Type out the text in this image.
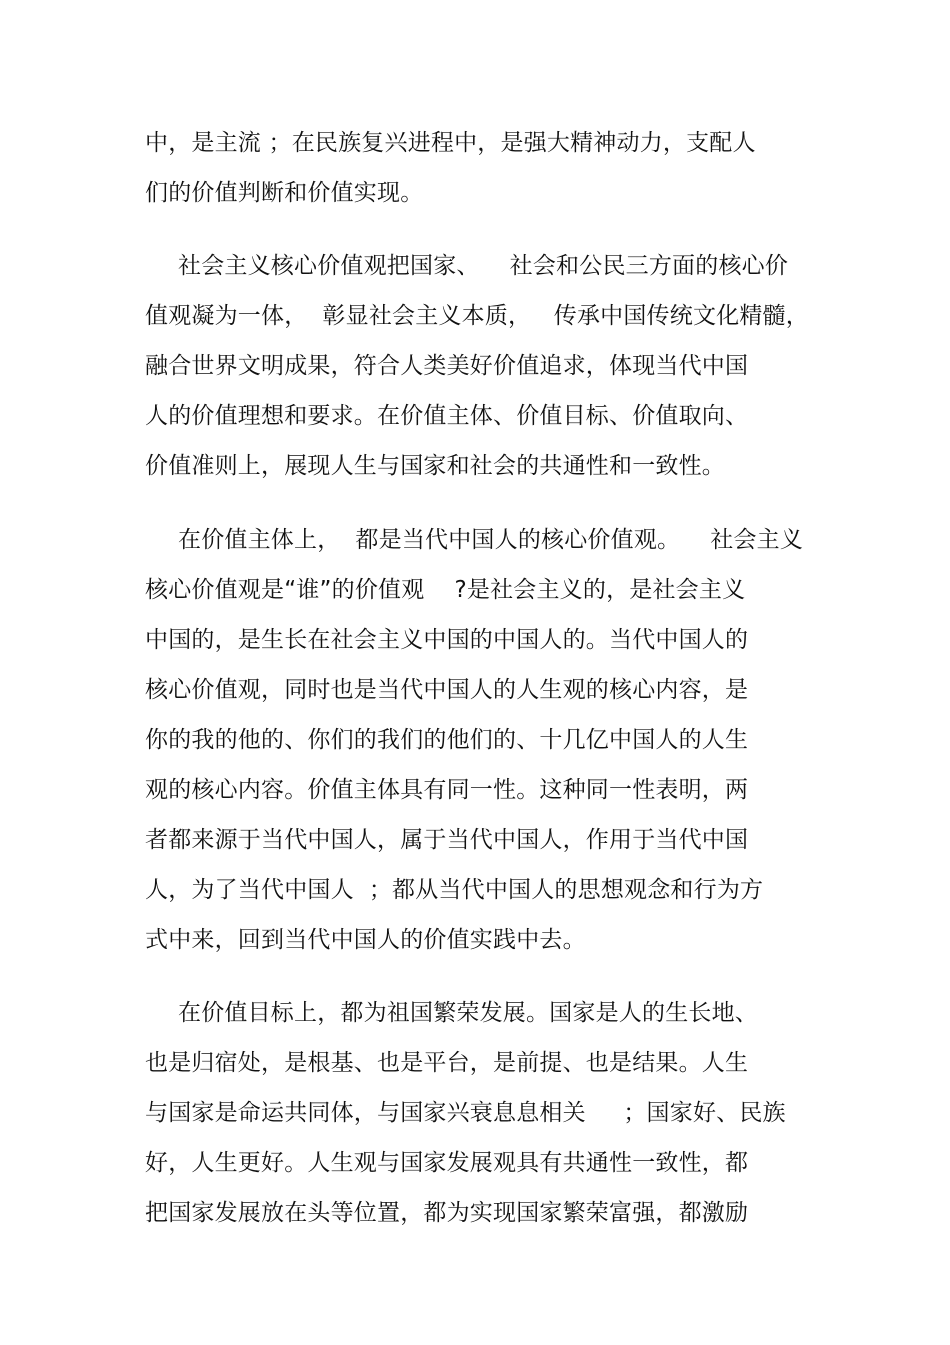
中，是主流 ；在民族复兴进程中，是强大精神动力，支配人
们的价值判断和价值实现。
社会主义核心价值观把国家、    社会和公民三方面的核心价
值观凝为一体，  彰显社会主义本质，   传承中国传统文化精髓，
融合世界文明成果，符合人类美好价值追求，体现当代中国
人的价值理想和要求。在价值主体、价值目标、价值取向、
价值准则上，展现人生与国家和社会的共通性和一致性。
在价值主体上，  都是当代中国人的核心价值观。    社会主义
核心价值观是“谁”的价值观    ?是社会主义的，是社会主义
中国的，是生长在社会主义中国的中国人的。当代中国人的
核心价值观，同时也是当代中国人的人生观的核心内容，是
你的我的他的、你们的我们的他们的、十几亿中国人的人生
观的核心内容。价值主体具有同一性。这种同一性表明，两
者都来源于当代中国人，属于当代中国人，作用于当代中国
人，为了当代中国人  ；都从当代中国人的思想观念和行为方
式中来，回到当代中国人的价值实践中去。
在价值目标上，都为祖国繁荣发展。国家是人的生长地、
也是归宿处，是根基、也是平台，是前提、也是结果。人生
与国家是命运共同体，与国家兴衰息息相关     ；国家好、民族
好，人生更好。人生观与国家发展观具有共通性一致性，都
把国家发展放在头等位置，都为实现国家繁荣富强，都激励
